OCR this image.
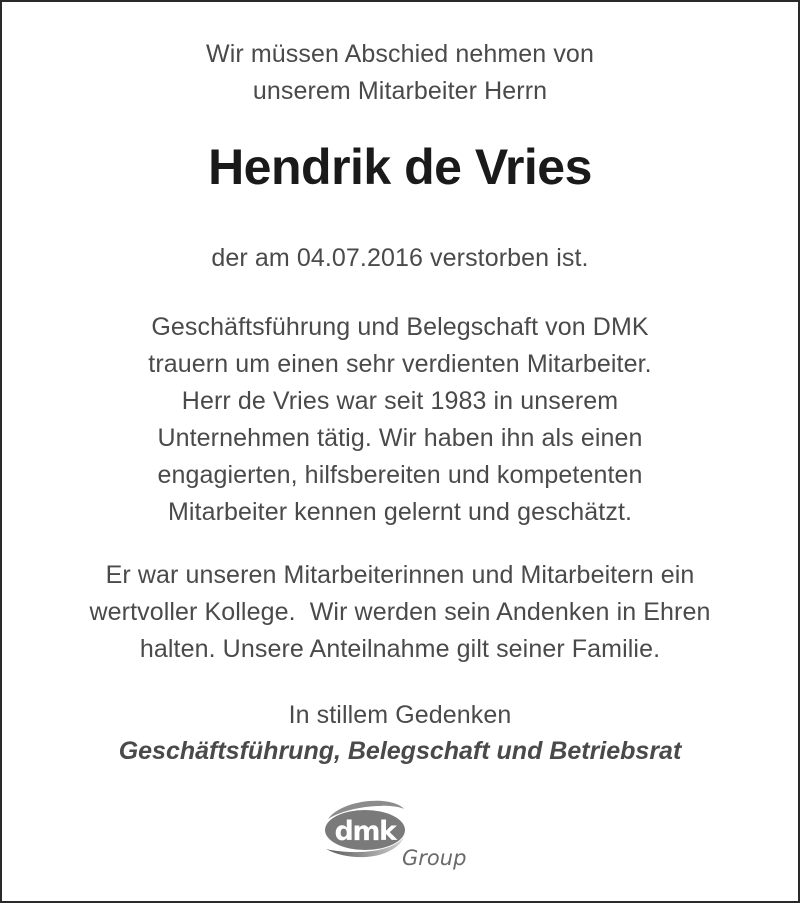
Wir müssen Abschied nehmen von

unserem Mitarbeiter Herrn

Hendrik de Vries

der am 04.07.2016 verstorben ist.

Geschäftsführung und Belegschaft von DMK

trauern um einen sehr verdienten Mitarbeiter.

Herr de Vries war seit 1983 in unserem

Unternehmen tätig. Wir haben ihn als einen

engagierten, hilfsbereiten und kompetenten

Mitarbeiter kennen gelernt und geschätzt.

Er war unseren Mitarbeiterinnen und Mitarbeitern ein

wertvoller Kollege.  Wir werden sein Andenken in Ehren

halten. Unsere Anteilnahme gilt seiner Familie.

In stillem Gedenken

Geschäftsführung, Belegschaft und Betriebsrat
dmk
Group
